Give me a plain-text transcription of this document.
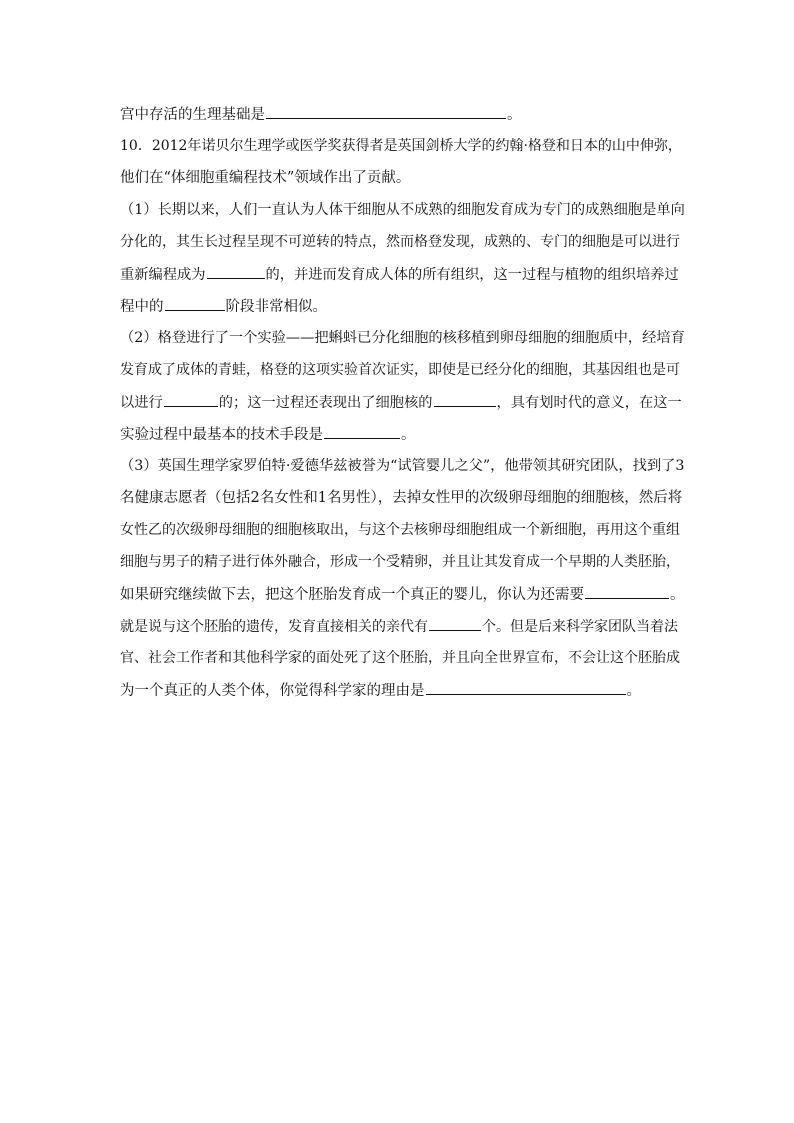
宫中存活的生理基础是	。
10．2012年诺贝尔生理学或医学奖获得者是英国剑桥大学的约翰·格登和日本的山中伸弥，
他们在“体细胞重编程技术”领域作出了贡献。
（1）长期以来，人们一直认为人体干细胞从不成熟的细胞发育成为专门的成熟细胞是单向
分化的，其生长过程呈现不可逆转的特点，然而格登发现，成熟的、专门的细胞是可以进行
重新编程成为	的，并进而发育成人体的所有组织，这一过程与植物的组织培养过
程中的	阶段非常相似。
（2）格登进行了一个实验——把蝌蚪已分化细胞的核移植到卵母细胞的细胞质中，经培育
发育成了成体的青蛙，格登的这项实验首次证实，即使是已经分化的细胞，其基因组也是可
以进行	的；这一过程还表现出了细胞核的	，具有划时代的意义，在这一
实验过程中最基本的技术手段是	。
（3）英国生理学家罗伯特·爱德华兹被誉为“试管婴儿之父”，他带领其研究团队，找到了3
名健康志愿者（包括2名女性和1名男性），去掉女性甲的次级卵母细胞的细胞核，然后将
女性乙的次级卵母细胞的细胞核取出，与这个去核卵母细胞组成一个新细胞，再用这个重组
细胞与男子的精子进行体外融合，形成一个受精卵，并且让其发育成一个早期的人类胚胎，
如果研究继续做下去，把这个胚胎发育成一个真正的婴儿，你认为还需要	。
就是说与这个胚胎的遗传，发育直接相关的亲代有	个。但是后来科学家团队当着法
官、社会工作者和其他科学家的面处死了这个胚胎，并且向全世界宣布，不会让这个胚胎成
为一个真正的人类个体，你觉得科学家的理由是	。
